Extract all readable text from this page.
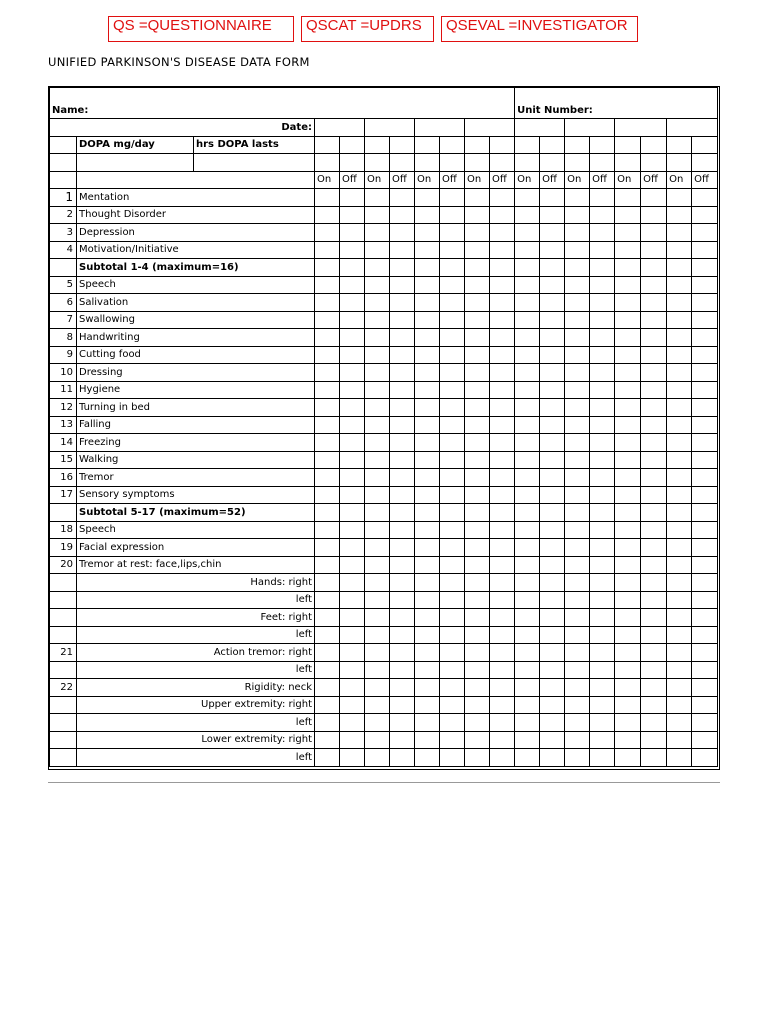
QS =QUESTIONNAIRE	QSCAT =UPDRS	QSEVAL =INVESTIGATOR
UNIFIED PARKINSON'S DISEASE DATA FORM
Name:											Unit Number:							
Date:																		
	DOPA mg/day	hrs DOPA lasts																

			On	Off	On	Off	On	Off	On	Off	On	Off	On	Off	On	Off	On	Off
1	Mentation																	
2	Thought Disorder																	
3	Depression																	
4	Motivation/Initiative																	
	Subtotal 1-4 (maximum=16)																	
5	Speech																	
6	Salivation																	
7	Swallowing																	
8	Handwriting																	
9	Cutting food																	
10	Dressing																	
11	Hygiene																	
12	Turning in bed																	
13	Falling																	
14	Freezing																	
15	Walking																	
16	Tremor																	
17	Sensory symptoms																	
	Subtotal 5-17 (maximum=52)																	
18	Speech																	
19	Facial expression																	
20	Tremor at rest: face,lips,chin																	
	Hands: right																	
	left																	
	Feet: right																	
	left																	
21	Action tremor: right																	
	left																	
22	Rigidity: neck																	
	Upper extremity: right																	
	left																	
	Lower extremity: right																	
	left																	
